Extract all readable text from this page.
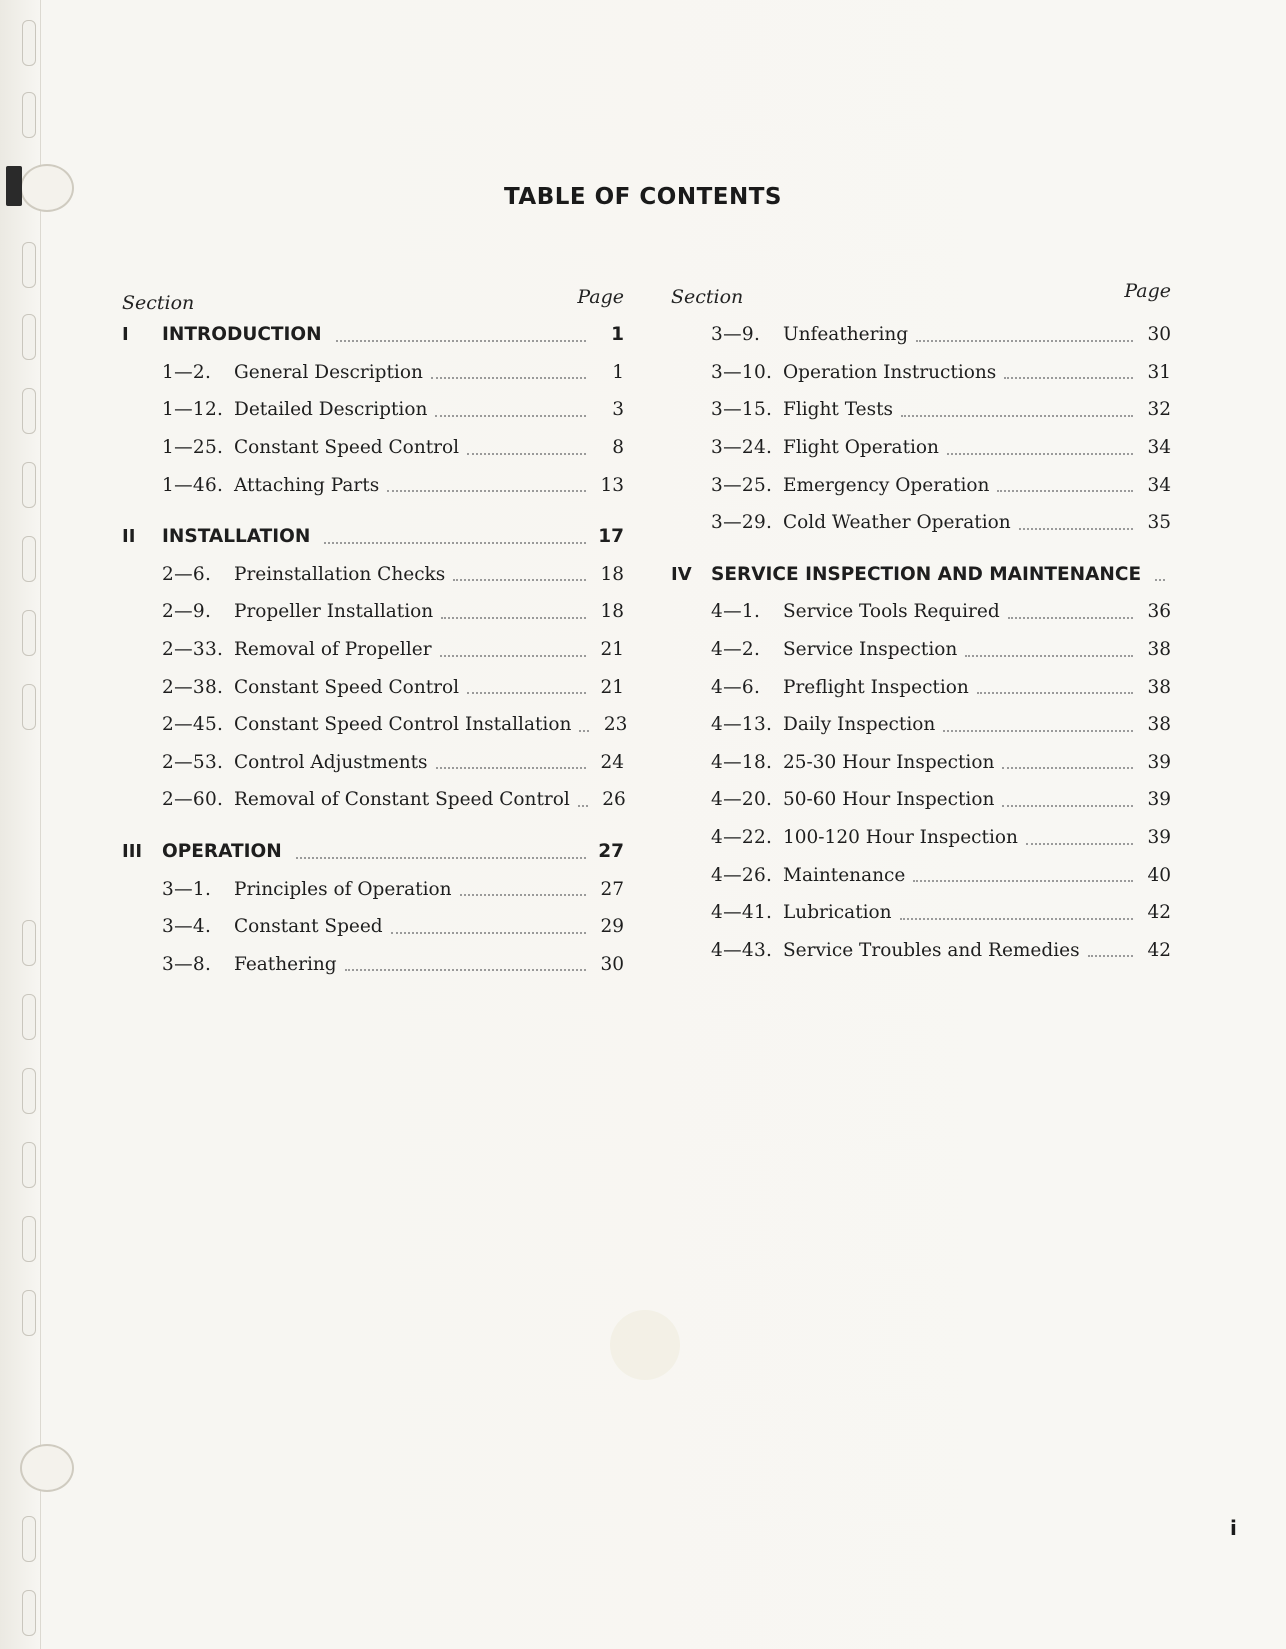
TABLE OF CONTENTS
Section	Page
I	INTRODUCTION	1
1—2.	General Description	1
1—12. Detailed Description	3
1—25. Constant Speed Control	8
1—46. Attaching Parts	13
II	INSTALLATION	17
2—6.	Preinstallation Checks	18
2—9.	Propeller Installation	18
2—33. Removal of Propeller	21
2—38. Constant Speed Control	21
2—45. Constant Speed Control Installation	23
2—53. Control Adjustments	24
2—60. Removal of Constant Speed Control	26
III	OPERATION	27
3—1.	Principles of Operation	27
3—4.	Constant Speed	29
3—8.	Feathering	30
Section	Page
3—9.	Unfeathering	30
3—10. Operation Instructions	31
3—15. Flight Tests	32
3—24. Flight Operation	34
3—25. Emergency Operation	34
3—29. Cold Weather Operation	35
IV	SERVICE INSPECTION AND MAINTENANCE
4—1.	Service Tools Required	36
4—2.	Service Inspection	38
4—6.	Preflight Inspection	38
4—13. Daily Inspection	38
4—18. 25-30 Hour Inspection	39
4—20. 50-60 Hour Inspection	39
4—22. 100-120 Hour Inspection	39
4—26. Maintenance	40
4—41. Lubrication	42
4—43. Service Troubles and Remedies	42
i
